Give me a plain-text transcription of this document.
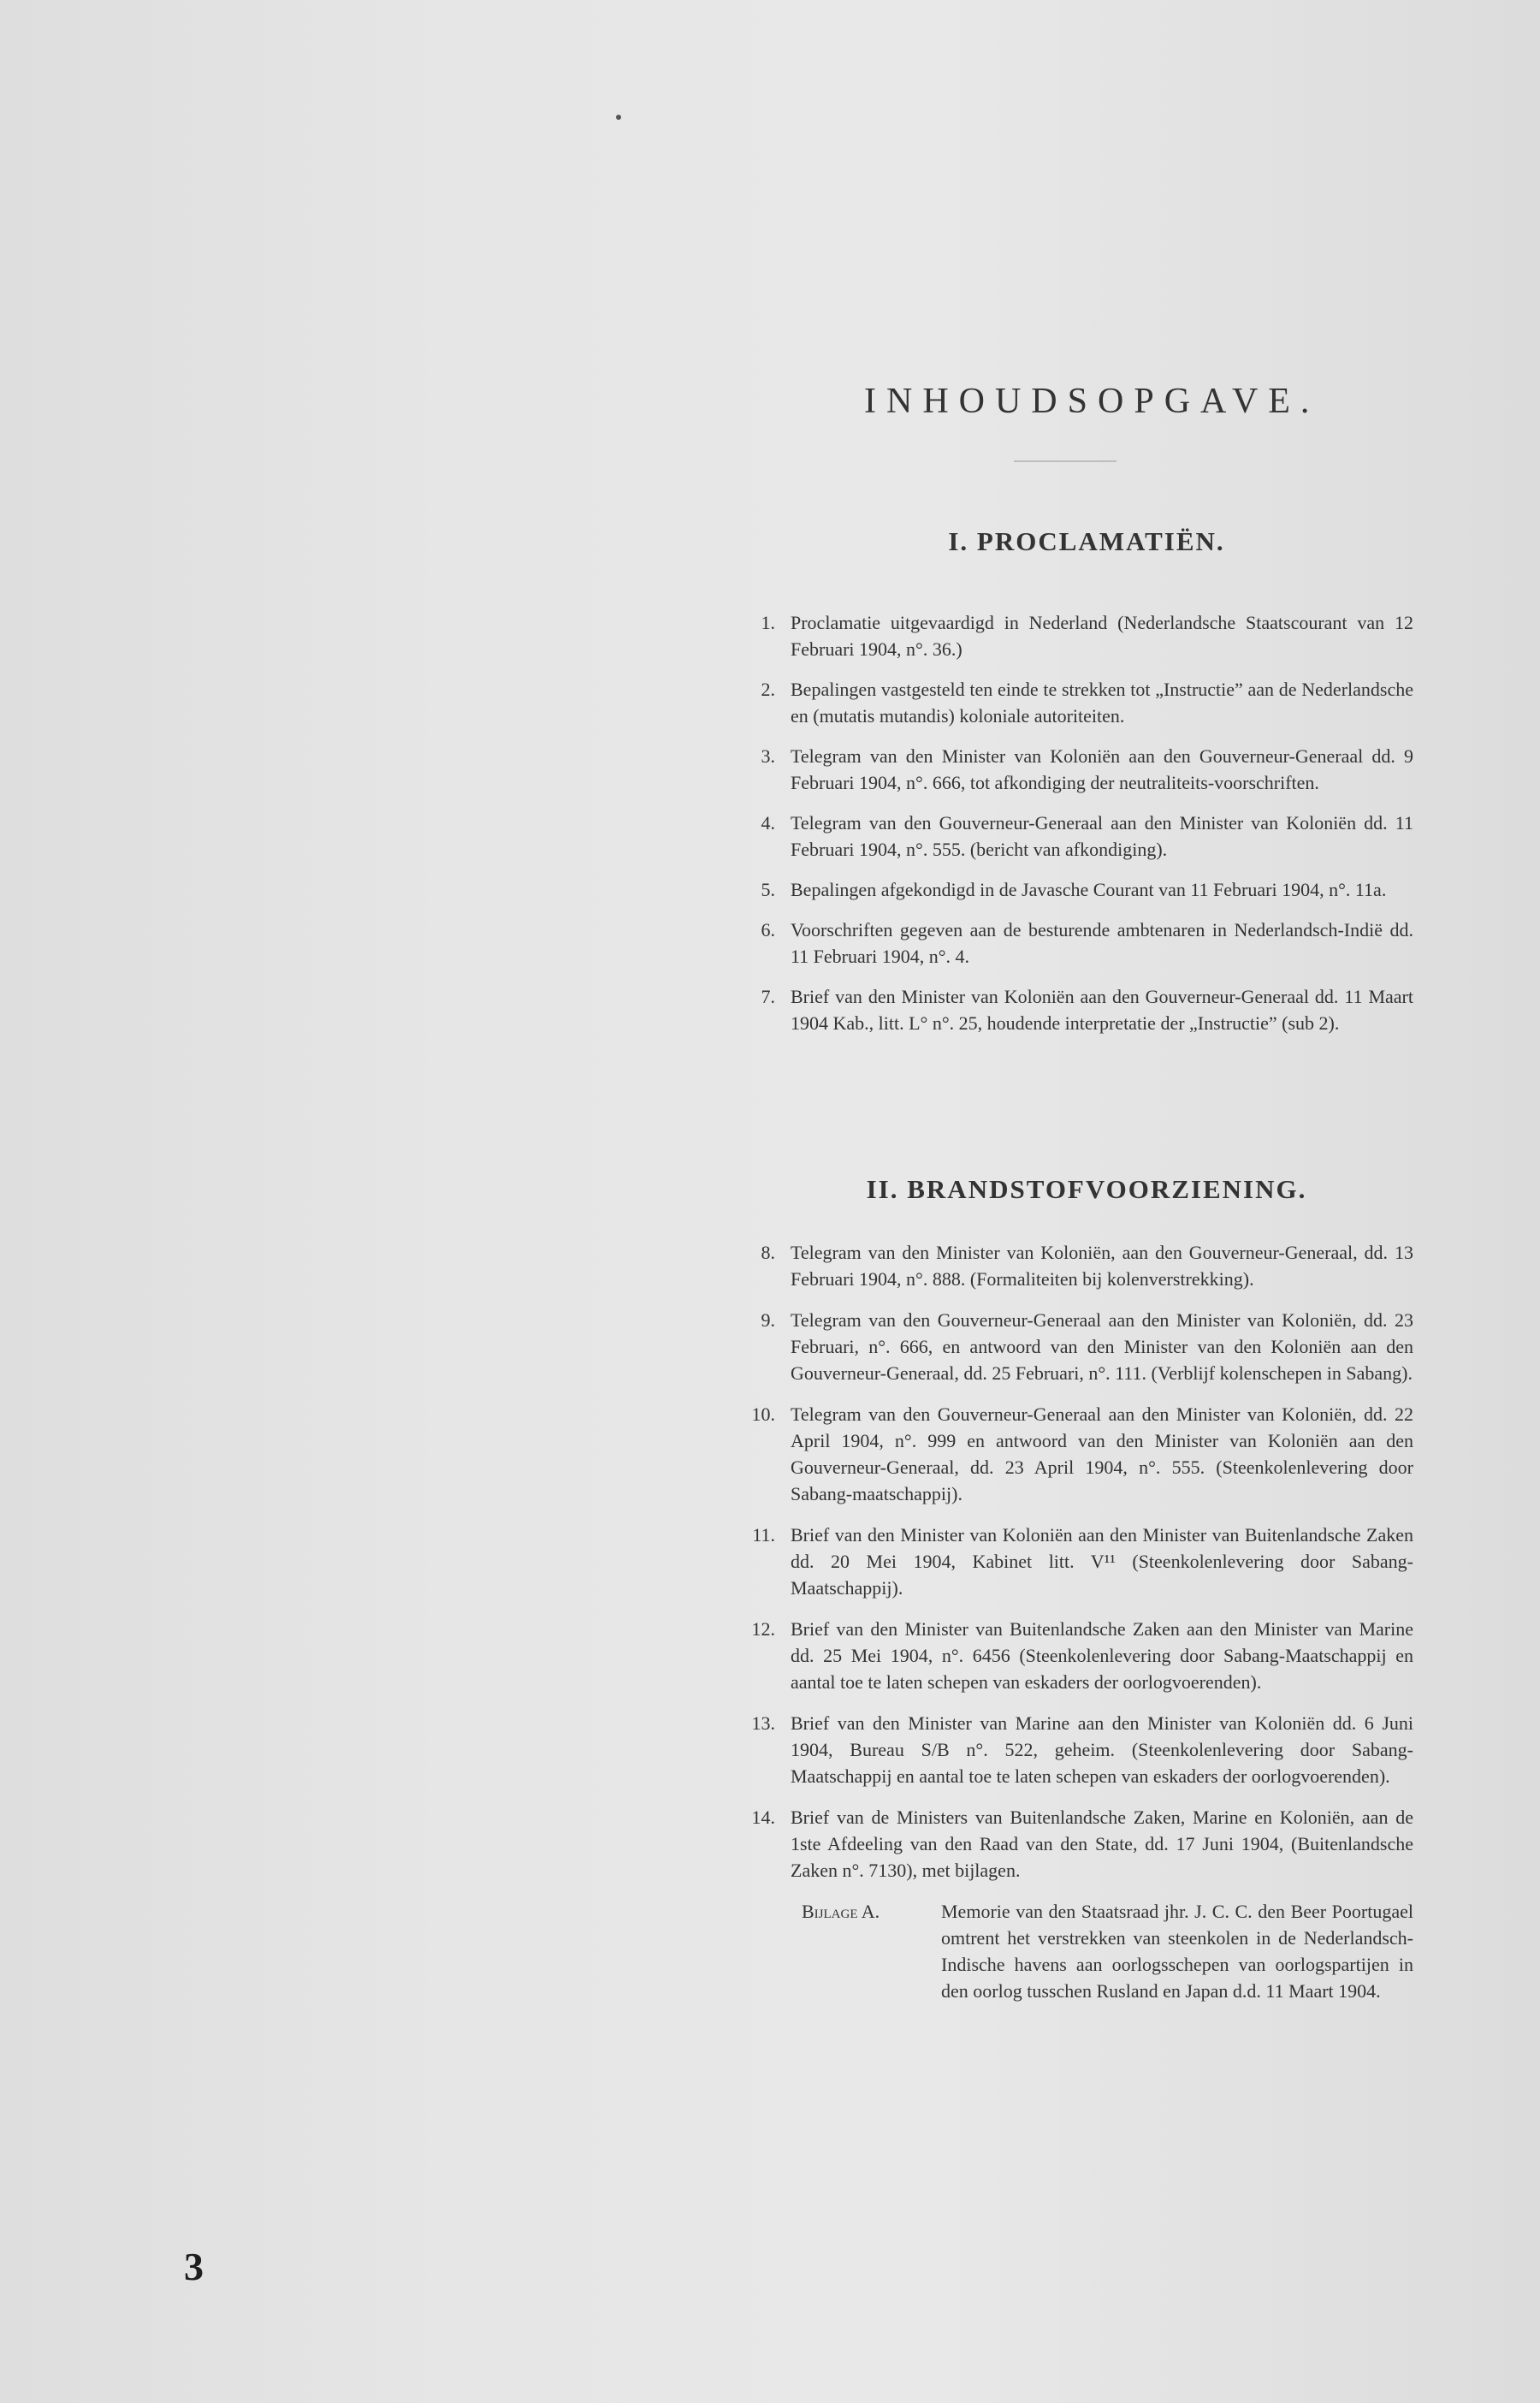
INHOUDSOPGAVE.
I. PROCLAMATIËN.
1. Proclamatie uitgevaardigd in Nederland (Nederlandsche Staatscourant van 12 Februari 1904, n°. 36.)
2. Bepalingen vastgesteld ten einde te strekken tot „Instructie” aan de Nederlandsche en (mutatis mutandis) koloniale autoriteiten.
3. Telegram van den Minister van Koloniën aan den Gouverneur-Generaal dd. 9 Februari 1904, n°. 666, tot afkondiging der neutraliteits-voorschriften.
4. Telegram van den Gouverneur-Generaal aan den Minister van Koloniën dd. 11 Februari 1904, n°. 555. (bericht van afkondiging).
5. Bepalingen afgekondigd in de Javasche Courant van 11 Februari 1904, n°. 11a.
6. Voorschriften gegeven aan de besturende ambtenaren in Nederlandsch-Indië dd. 11 Februari 1904, n°. 4.
7. Brief van den Minister van Koloniën aan den Gouverneur-Generaal dd. 11 Maart 1904 Kab., litt. L° n°. 25, houdende interpretatie der „Instructie” (sub 2).
II. BRANDSTOFVOORZIENING.
8. Telegram van den Minister van Koloniën, aan den Gouverneur-Generaal, dd. 13 Februari 1904, n°. 888. (Formaliteiten bij kolenverstrekking).
9. Telegram van den Gouverneur-Generaal aan den Minister van Koloniën, dd. 23 Februari, n°. 666, en antwoord van den Minister van den Koloniën aan den Gouverneur-Generaal, dd. 25 Februari, n°. 111. (Verblijf kolenschepen in Sabang).
10. Telegram van den Gouverneur-Generaal aan den Minister van Koloniën, dd. 22 April 1904, n°. 999 en antwoord van den Minister van Koloniën aan den Gouverneur-Generaal, dd. 23 April 1904, n°. 555. (Steenkolenlevering door Sabang-maatschappij).
11. Brief van den Minister van Koloniën aan den Minister van Buitenlandsche Zaken dd. 20 Mei 1904, Kabinet litt. V¹¹ (Steenkolenlevering door Sabang-Maatschappij).
12. Brief van den Minister van Buitenlandsche Zaken aan den Minister van Marine dd. 25 Mei 1904, n°. 6456 (Steenkolenlevering door Sabang-Maatschappij en aantal toe te laten schepen van eskaders der oorlogvoerenden).
13. Brief van den Minister van Marine aan den Minister van Koloniën dd. 6 Juni 1904, Bureau S/B n°. 522, geheim. (Steenkolenlevering door Sabang-Maatschappij en aantal toe te laten schepen van eskaders der oorlogvoerenden).
14. Brief van de Ministers van Buitenlandsche Zaken, Marine en Koloniën, aan de 1ste Afdeeling van den Raad van den State, dd. 17 Juni 1904, (Buitenlandsche Zaken n°. 7130), met bijlagen.
Bijlage A.	Memorie van den Staatsraad jhr. J. C. C. den Beer Poortugael omtrent het verstrekken van steenkolen in de Nederlandsch-Indische havens aan oorlogsschepen van oorlogspartijen in den oorlog tusschen Rusland en Japan d.d. 11 Maart 1904.
3
